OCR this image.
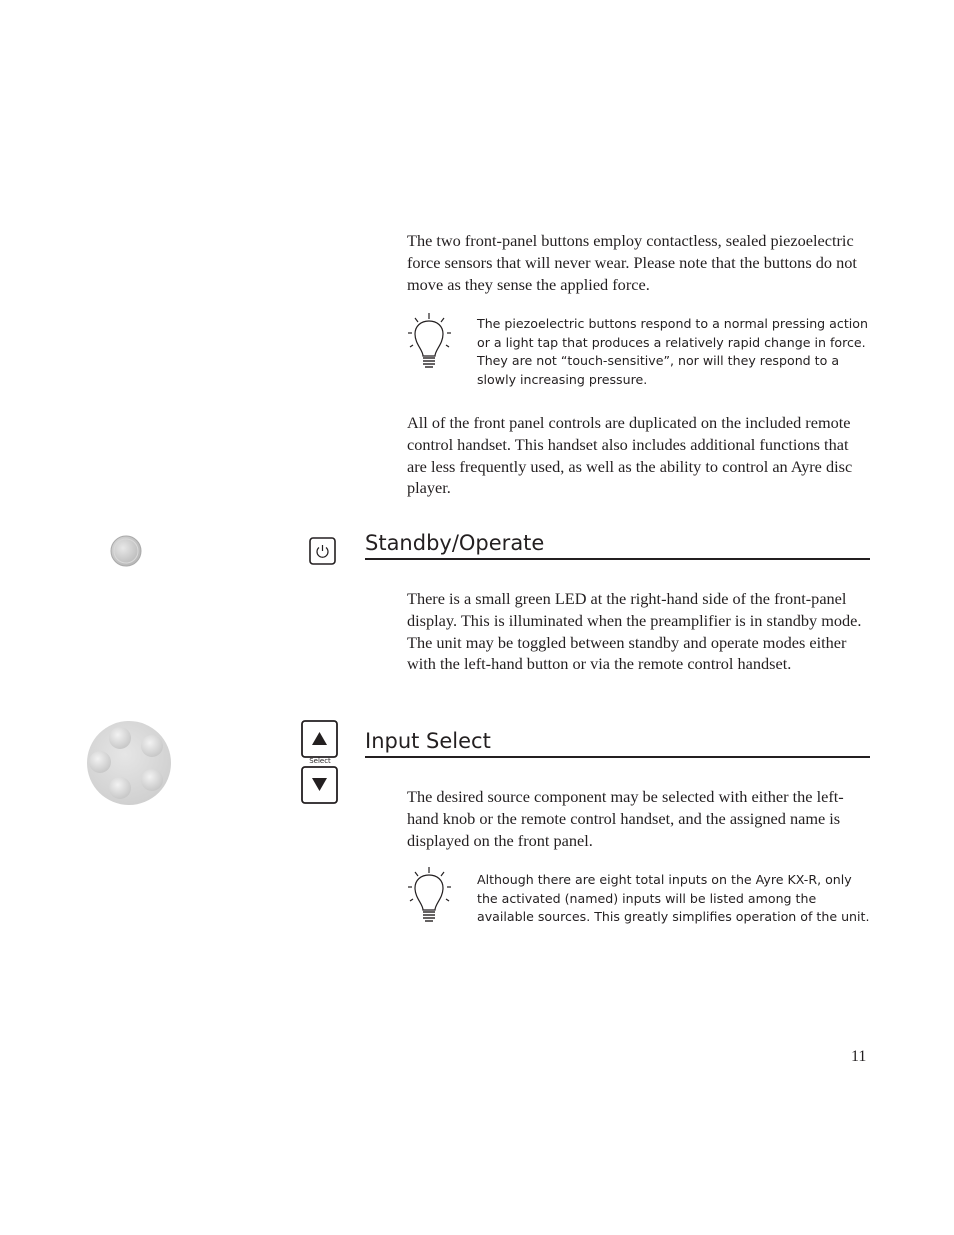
The two front-panel buttons employ contactless, sealed piezoelectric force sensors that will never wear. Please note that the buttons do not move as they sense the applied force.

The piezoelectric buttons respond to a normal pressing action or a light tap that produces a relatively rapid change in force. They are not “touch-sensitive”, nor will they respond to a slowly increasing pressure.

All of the front panel controls are duplicated on the included remote control handset. This handset also includes additional functions that are less frequently used, as well as the ability to control an Ayre disc player.

Standby/Operate

There is a small green LED at the right-hand side of the front-panel display. This is illuminated when the preamplifier is in standby mode. The unit may be toggled between standby and operate modes either with the left-hand button or via the remote control handset.

Select
Input Select

The desired source component may be selected with either the left-hand knob or the remote control handset, and the assigned name is displayed on the front panel.

Although there are eight total inputs on the Ayre KX-R, only the activated (named) inputs will be listed among the available sources. This greatly simplifies operation of the unit.

11
